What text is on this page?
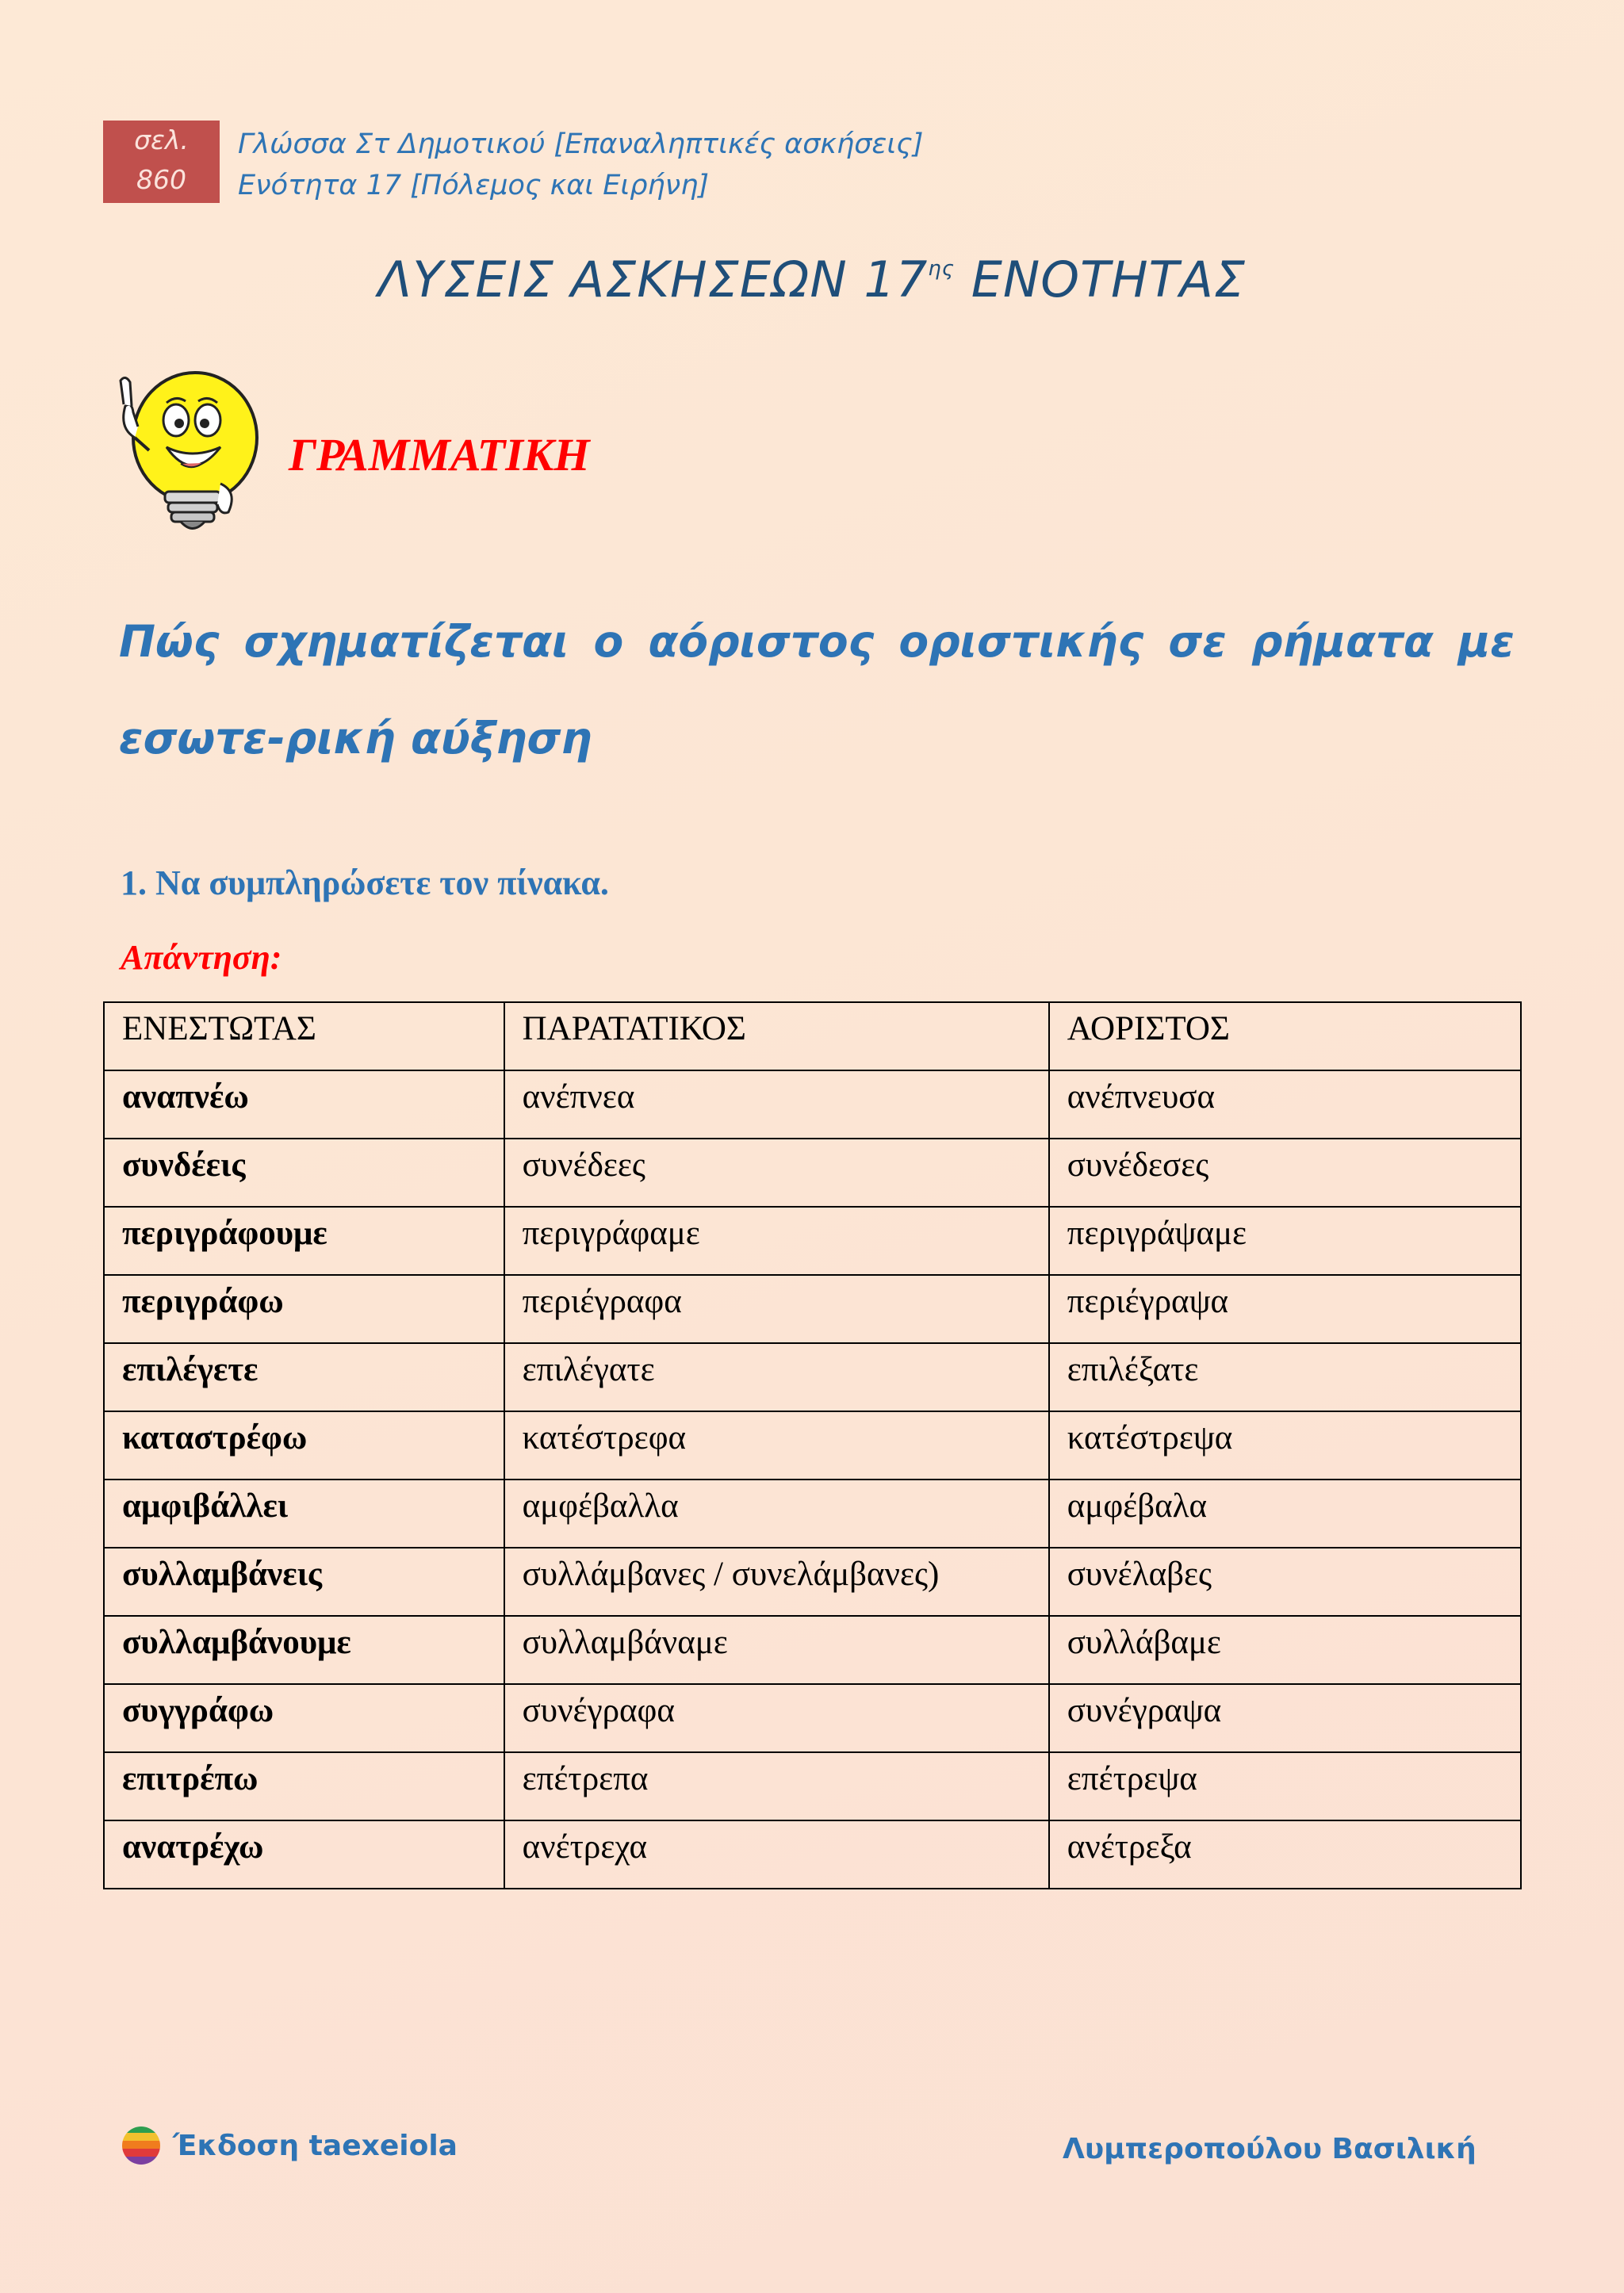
σελ.
860
Γλώσσα Στ Δημοτικού [Επαναληπτικές ασκήσεις]
Ενότητα 17 [Πόλεμος και Ειρήνη]
ΛΥΣΕΙΣ ΑΣΚΗΣΕΩΝ $17^{\eta\varsigma}$ ΕΝΟΤΗΤΑΣ
ΓΡΑΜΜΑΤΙΚΗ
Πώς σχηματίζεται ο αόριστος οριστικής σε ρήματα με εσωτε-ρική αύξηση
1. Να συμπληρώσετε τον πίνακα.
Απάντηση:
ΕΝΕΣΤΩΤΑΣ	ΠΑΡΑΤΑΤΙΚΟΣ	ΑΟΡΙΣΤΟΣ
αναπνέω	ανέπνεα	ανέπνευσα
συνδέεις	συνέδεες	συνέδεσες
περιγράφουμε	περιγράφαμε	περιγράψαμε
περιγράφω	περιέγραφα	περιέγραψα
επιλέγετε	επιλέγατε	επιλέξατε
καταστρέφω	κατέστρεφα	κατέστρεψα
αμφιβάλλει	αμφέβαλλα	αμφέβαλα
συλλαμβάνεις	συλλάμβανες / συνελάμβανες)	συνέλαβες
συλλαμβάνουμε	συλλαμβάναμε	συλλάβαμε
συγγράφω	συνέγραφα	συνέγραψα
επιτρέπω	επέτρεπα	επέτρεψα
ανατρέχω	ανέτρεχα	ανέτρεξα
Έκδοση taexeiola	Λυμπεροπούλου Βασιλική
